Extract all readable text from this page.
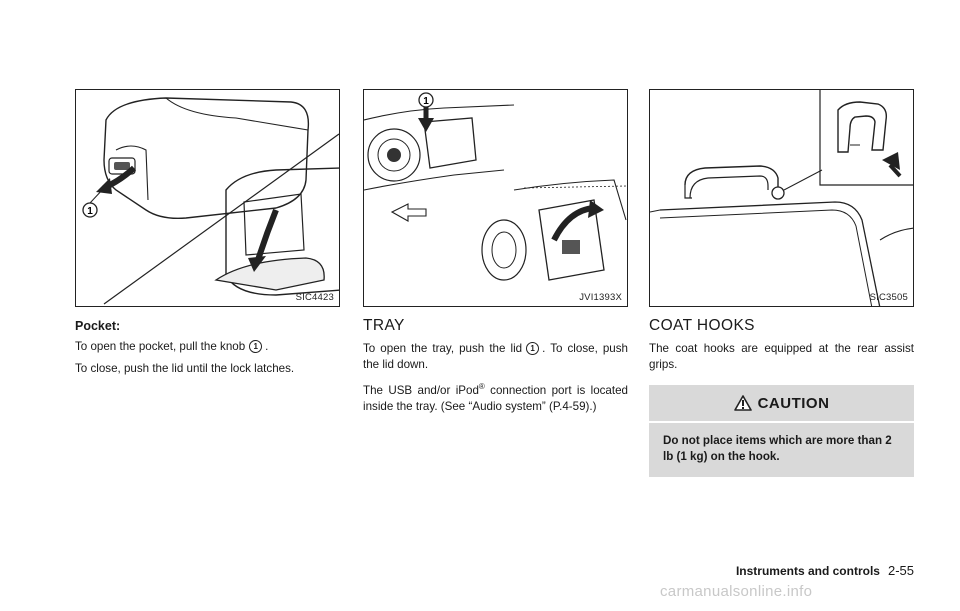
1
SIC4423
Pocket:

To open the pocket, pull the knob 1 .

To close, push the lid until the lock latches.

1
JVI1393X
TRAY

To open the tray, push the lid 1 . To close, push the lid down.

The USB and/or iPod® connection port is located inside the tray. (See “Audio system” (P.4-59).)

SIC3505
COAT HOOKS

The coat hooks are equipped at the rear assist grips.

CAUTION
Do not place items which are more than 2 lb (1 kg) on the hook.
Instruments and controls 2-55
carmanualsonline.info
